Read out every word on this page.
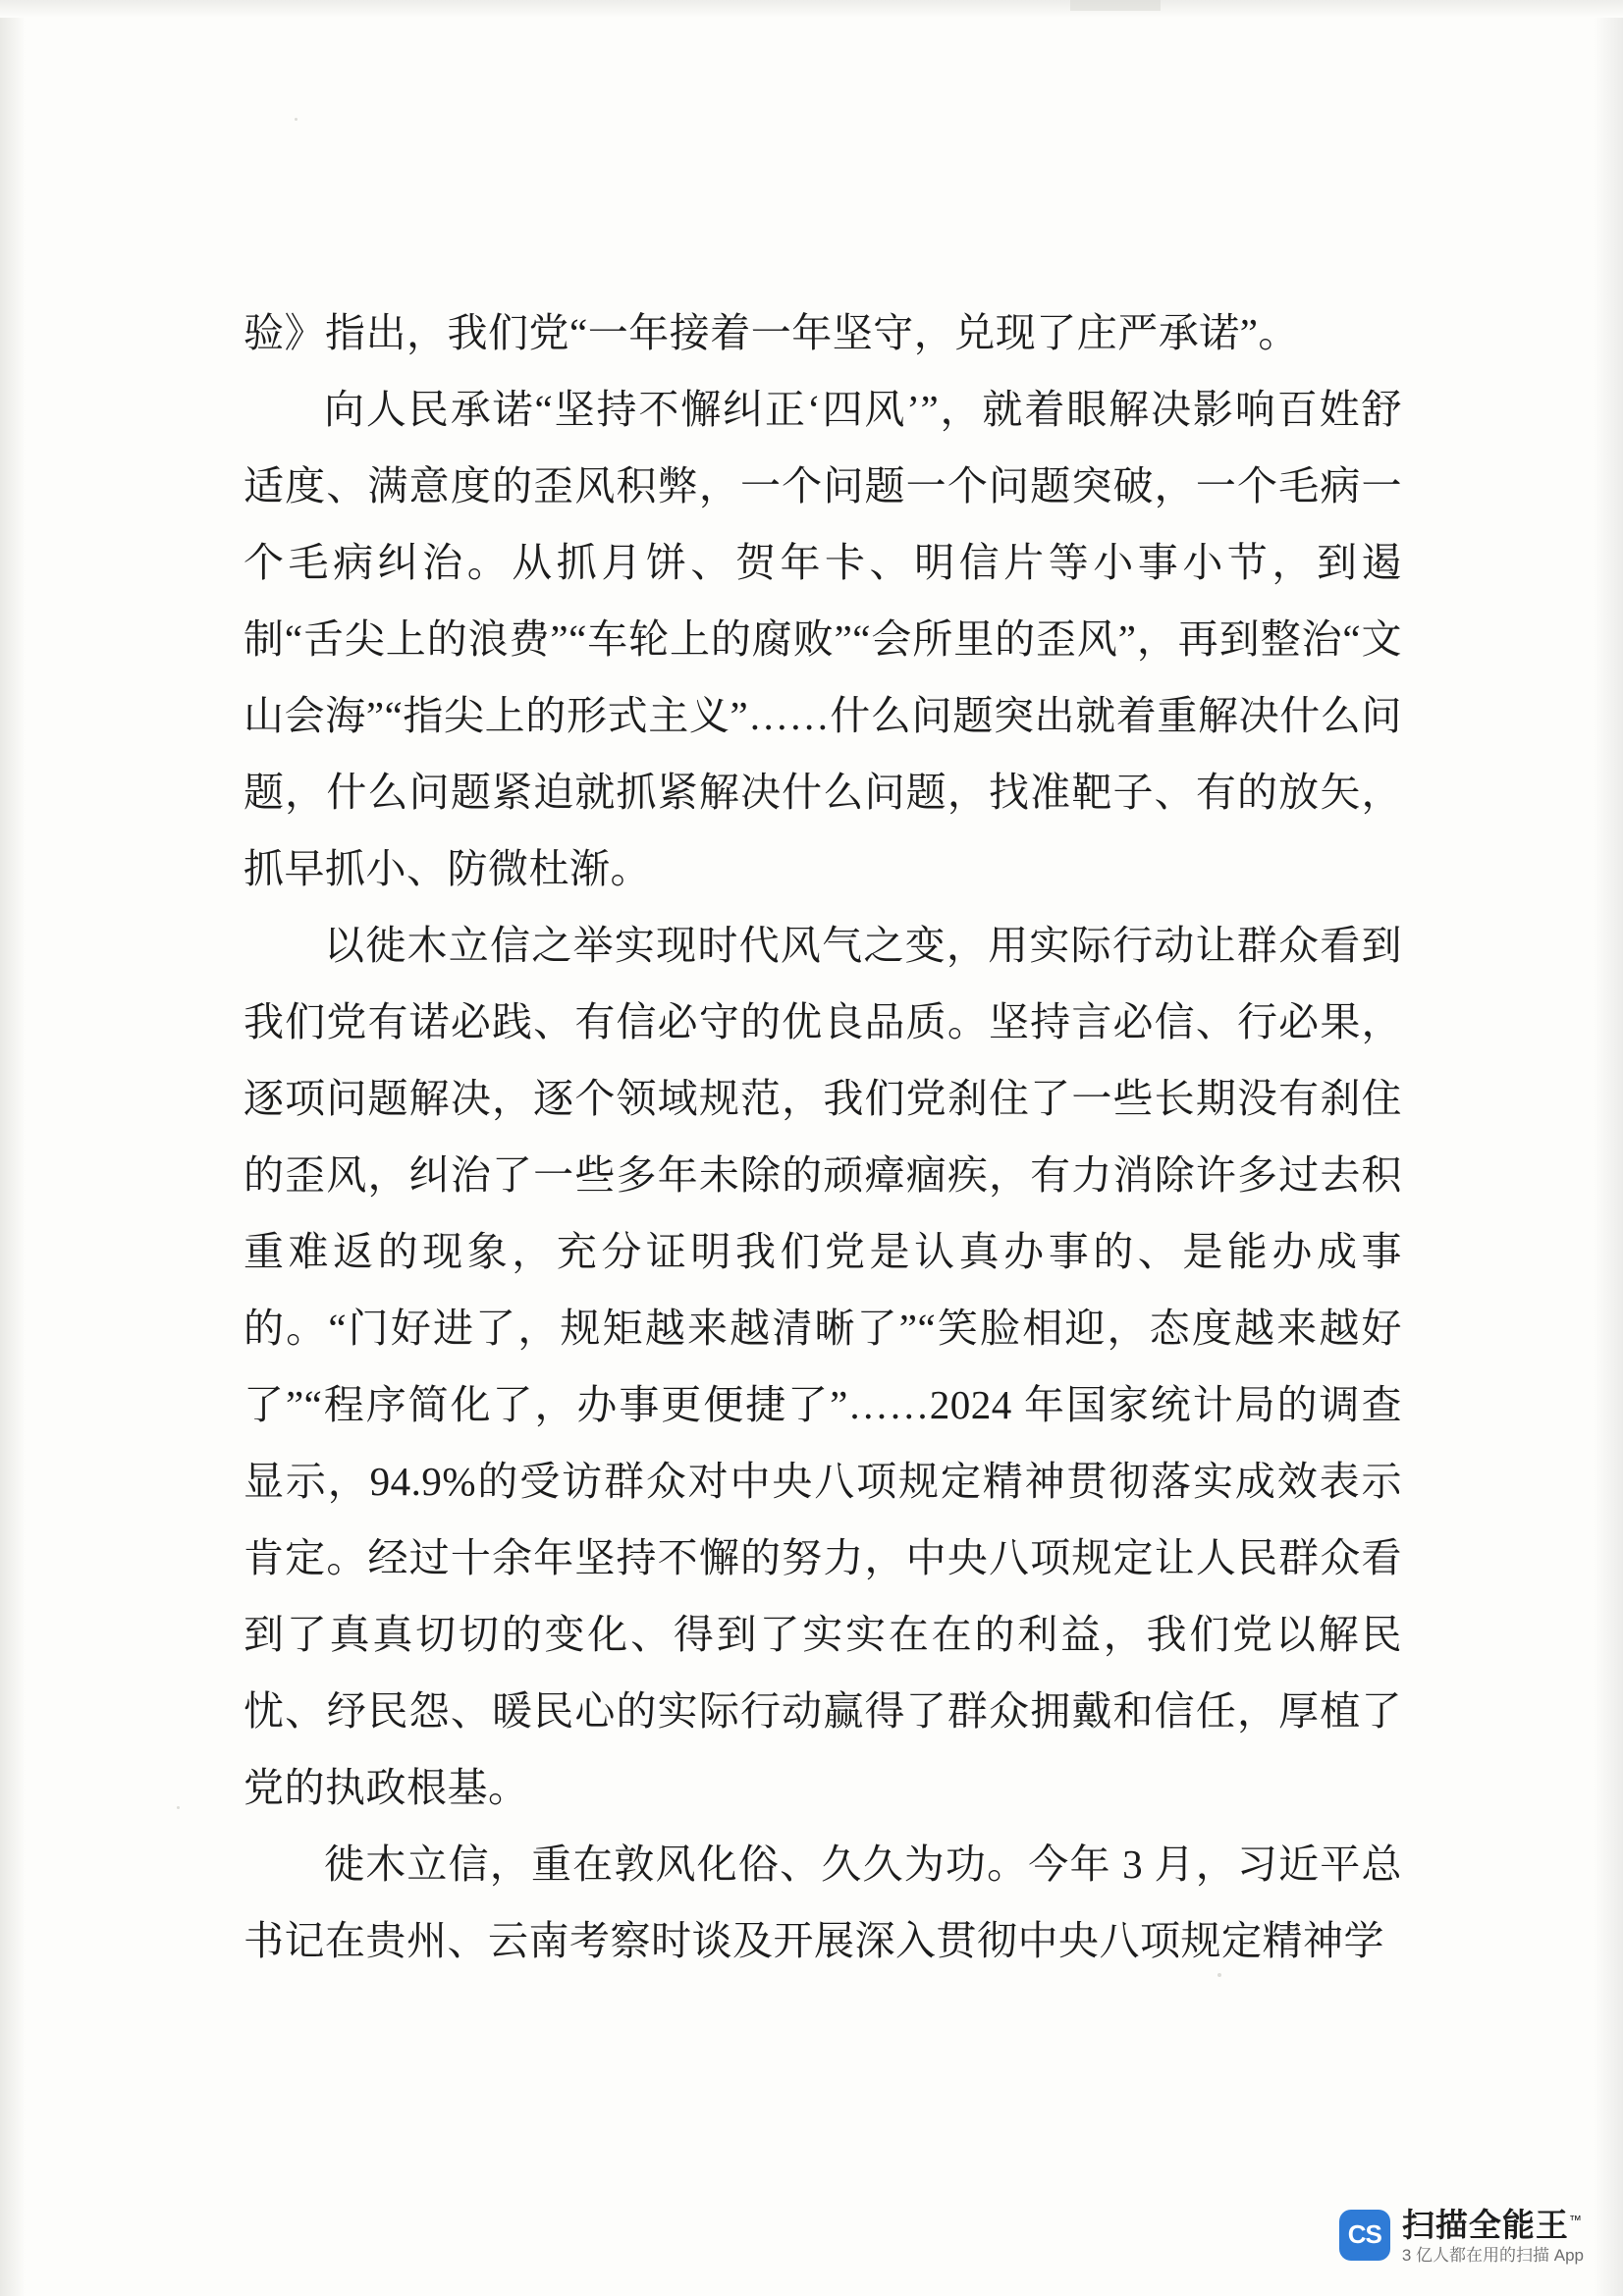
验》指出，我们党“一年接着一年坚守，兑现了庄严承诺”。

向人民承诺“坚持不懈纠正‘四风’”，就着眼解决影响百姓舒适度、满意度的歪风积弊，一个问题一个问题突破，一个毛病一个毛病纠治。从抓月饼、贺年卡、明信片等小事小节，到遏制“舌尖上的浪费”“车轮上的腐败”“会所里的歪风”，再到整治“文山会海”“指尖上的形式主义”……什么问题突出就着重解决什么问题，什么问题紧迫就抓紧解决什么问题，找准靶子、有的放矢，抓早抓小、防微杜渐。

以徙木立信之举实现时代风气之变，用实际行动让群众看到我们党有诺必践、有信必守的优良品质。坚持言必信、行必果，逐项问题解决，逐个领域规范，我们党刹住了一些长期没有刹住的歪风，纠治了一些多年未除的顽瘴痼疾，有力消除许多过去积重难返的现象，充分证明我们党是认真办事的、是能办成事的。“门好进了，规矩越来越清晰了”“笑脸相迎，态度越来越好了”“程序简化了，办事更便捷了”……2024 年国家统计局的调查显示，94.9%的受访群众对中央八项规定精神贯彻落实成效表示肯定。经过十余年坚持不懈的努力，中央八项规定让人民群众看到了真真切切的变化、得到了实实在在的利益，我们党以解民忧、纾民怨、暖民心的实际行动赢得了群众拥戴和信任，厚植了党的执政根基。

徙木立信，重在敦风化俗、久久为功。今年 3 月，习近平总书记在贵州、云南考察时谈及开展深入贯彻中央八项规定精神学

CS 扫描全能王™
3 亿人都在用的扫描 App
